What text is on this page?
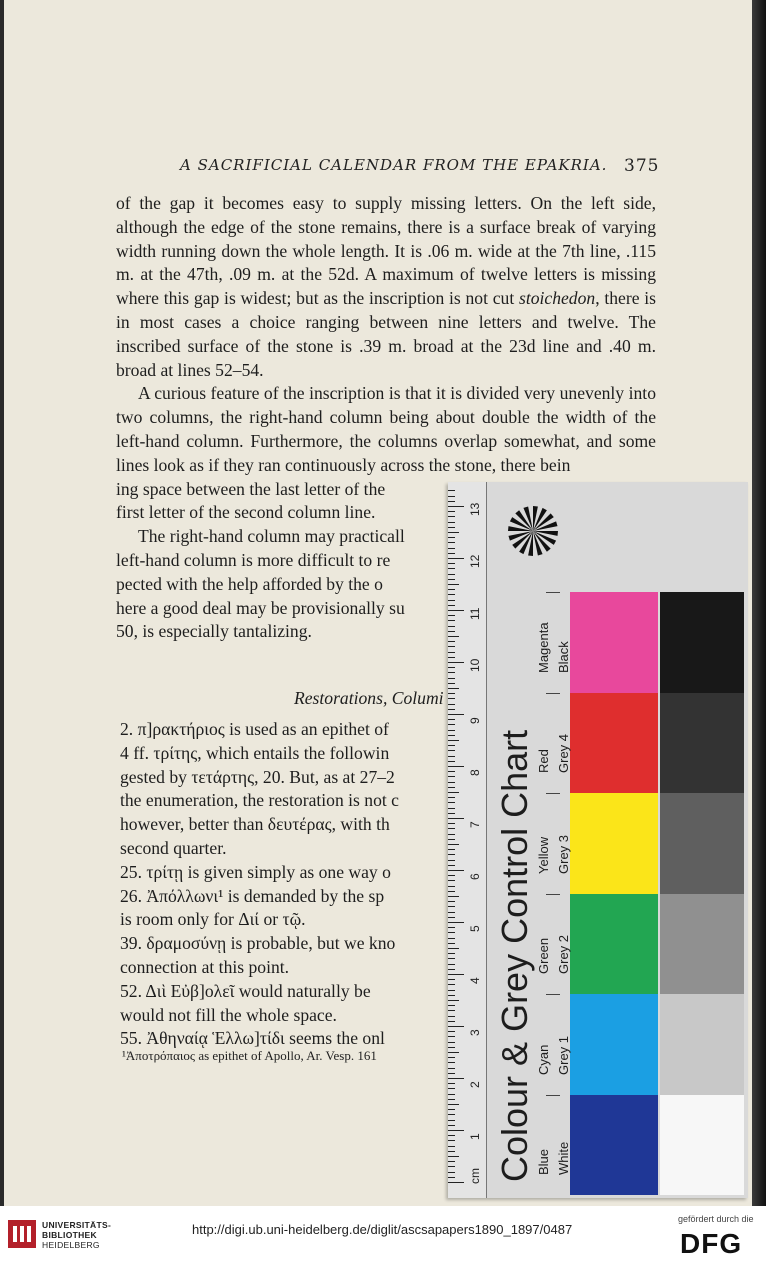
A SACRIFICIAL CALENDAR FROM THE EPAKRIA. 375

of the gap it becomes easy to supply missing letters. On the left side, although the edge of the stone remains, there is a surface break of varying width running down the whole length. It is .06 m. wide at the 7th line, .115 m. at the 47th, .09 m. at the 52d. A maximum of twelve letters is missing where this gap is widest; but as the inscription is not cut stoichedon, there is in most cases a choice ranging between nine letters and twelve. The inscribed surface of the stone is .39 m. broad at the 23d line and .40 m. broad at lines 52–54.

A curious feature of the inscription is that it is divided very unevenly into two columns, the right-hand column being about double the width of the left-hand column. Furthermore, the columns overlap somewhat, and some lines look as if they ran continuously across the stone, there bein

ing space between the last letter of the

first letter of the second column line.

The right-hand column may practicall

left-hand column is more difficult to re

pected with the help afforded by the o

here a good deal may be provisionally su

50, is especially tantalizing.

Restorations, Columi
2. π]ρακτήριος is used as an epithet of
4 ff. τρίτης, which entails the followin
gested by τετάρτης, 20. But, as at 27–2
the enumeration, the restoration is not c
however, better than δευτέρας, with th
second quarter.
25. τρίτῃ is given simply as one way o
26. Ἀπόλλωνι¹ is demanded by the sp
is room only for Διί or τῷ.
39. δραμοσύνῃ is probable, but we kno
connection at this point.
52. Διὶ Εὐβ]ολεῖ would naturally be
would not fill the whole space.
55. Ἀθηναίᾳ Ἑλλω]τίδι seems the onl
¹Ἀποτρόπαιος as epithet of Apollo, Ar. Vesp. 161
cm
1
2
3
4
5
6
7
8
9
10
11
12
13
Colour & Grey Control Chart
Magenta Black
Red Grey 4
Yellow Grey 3
Green Grey 2
Cyan Grey 1
Blue White
UNIVERSITÄTS-
BIBLIOTHEK
HEIDELBERG
http://digi.ub.uni-heidelberg.de/diglit/ascsapapers1890_1897/0487
gefördert durch die
DFG
